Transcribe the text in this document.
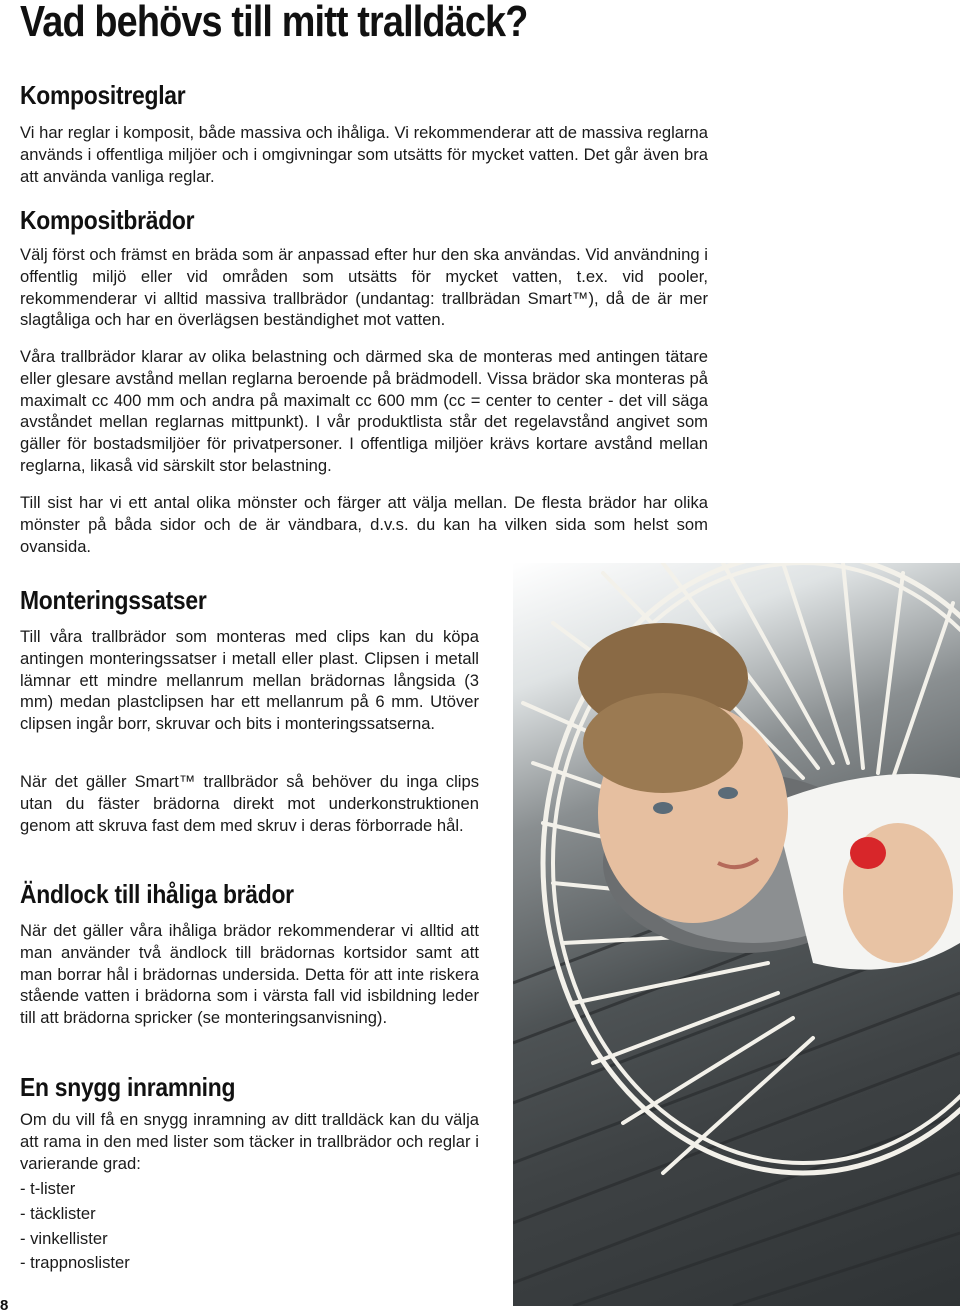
Vad behövs till mitt tralldäck?
Kompositreglar

Vi har reglar i komposit, både massiva och ihåliga. Vi rekommenderar att de massiva reglarna används i offentliga miljöer och i omgivningar som utsätts för mycket vatten. Det går även bra att använda vanliga reglar.

Kompositbrädor

Välj först och främst en bräda som är anpassad efter hur den ska användas. Vid användning i offentlig miljö eller vid områden som utsätts för mycket vatten, t.ex. vid pooler, rekommenderar vi alltid massiva trallbrädor (undantag: trallbrädan Smart™), då de är mer slagtåliga och har en överlägsen beständighet mot vatten.

Våra trallbrädor klarar av olika belastning och därmed ska de monteras med antingen tätare eller glesare avstånd mellan reglarna beroende på brädmodell. Vissa brädor ska monteras på maximalt cc 400 mm och andra på maximalt cc 600 mm (cc = center to center - det vill säga avståndet mellan reglarnas mittpunkt). I vår produktlista står det regelavstånd angivet som gäller för bostadsmiljöer för privatpersoner. I offentliga miljöer krävs kortare avstånd mellan reglarna, likaså vid särskilt stor belastning.

Till sist har vi ett antal olika mönster och färger att välja mellan. De flesta brädor har olika mönster på båda sidor och de är vändbara, d.v.s. du kan ha vilken sida som helst som ovansida.

Monteringssatser

Till våra trallbrädor som monteras med clips kan du köpa antingen monteringssatser i metall eller plast. Clipsen i metall lämnar ett mindre mellanrum mellan brädornas långsida (3 mm) medan plastclipsen har ett mellanrum på 6 mm. Utöver clipsen ingår borr, skruvar och bits i monteringssatserna.

När det gäller Smart™ trallbrädor så behöver du inga clips utan du fäster brädorna direkt mot underkonstruktionen genom att skruva fast dem med skruv i deras förborrade hål.

Ändlock till ihåliga brädor

När det gäller våra ihåliga brädor rekommenderar vi alltid att man använder två ändlock till brädornas kortsidor samt att man borrar hål i brädornas undersida. Detta för att inte riskera stående vatten i brädorna som i värsta fall vid isbildning leder till att brädorna spricker (se monteringsanvisning).

En snygg inramning

Om du vill få en snygg inramning av ditt tralldäck kan du välja att rama in den med lister som täcker in trallbrädor och reglar i varierande grad:

- t-lister
- täcklister
- vinkellister
- trappnoslister
8
